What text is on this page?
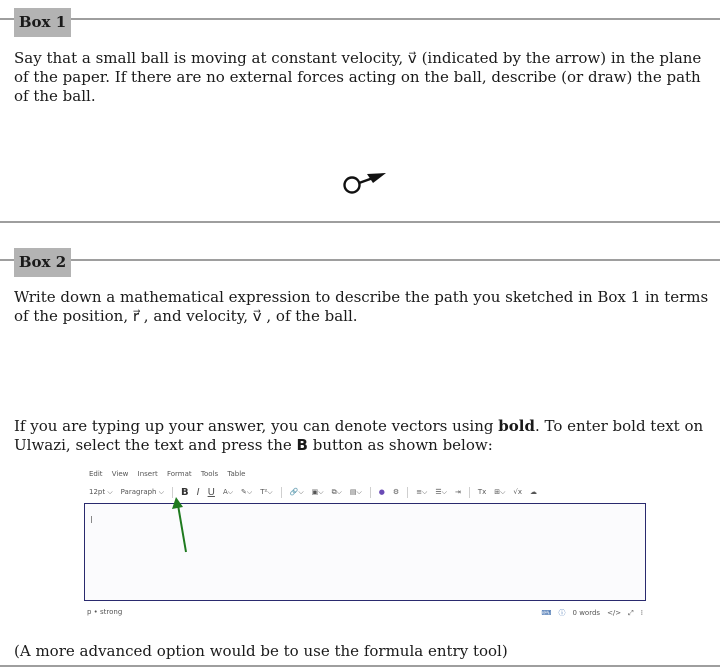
Box 1

Say that a small ball is moving at constant velocity, v⃗ (indicated by the arrow) in the plane of the paper. If there are no external forces acting on the ball, describe (or draw) the path of the ball.

Box 2

Write down a mathematical expression to describe the path you sketched in Box 1 in terms of the position, r⃗ , and velocity, v⃗ , of the ball.

If you are typing up your answer, you can denote vectors using bold. To enter bold text on Ulwazi, select the text and press the B button as shown below:

Edit View Insert Format Tools Table
12pt ⌵ Paragraph ⌵ B I U A⌵ ✎⌵ T²⌵ 🔗⌵ ▣⌵ ⧉⌵ ▤⌵ ● ⚙ ≡⌵ ☰⌵ ⇥ Tx ⊞⌵ √x ☁
p • strong	⌨ ⓘ 0 words </> ⤢ ⁞

(A more advanced option would be to use the formula entry tool)
